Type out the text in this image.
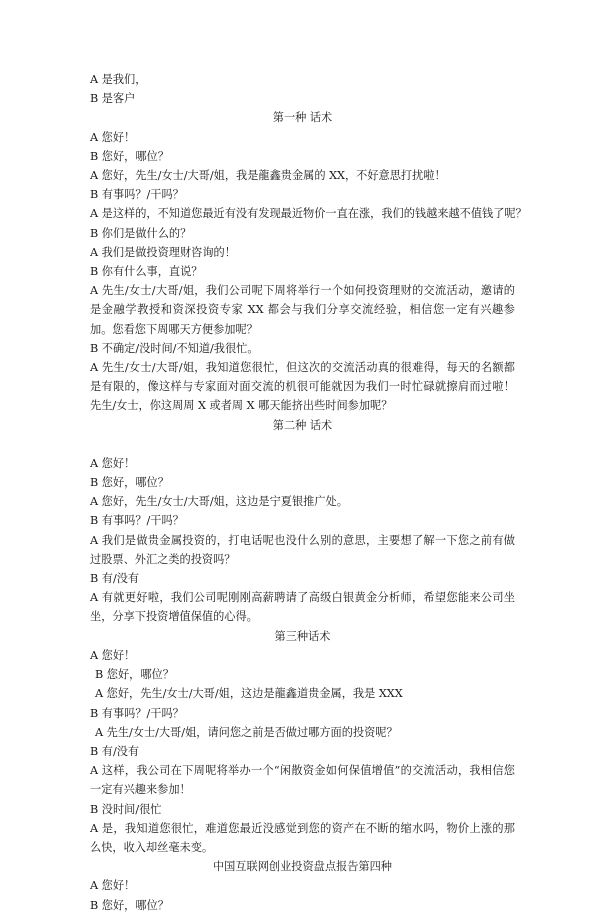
A 是我们，
B 是客户
第一种 话术
A 您好！
B 您好，哪位？
A 您好，先生/女士/大哥/姐，我是龍鑫贵金属的 XX，不好意思打扰啦！
B 有事吗？/干吗？
A 是这样的，不知道您最近有没有发现最近物价一直在涨，我们的钱越来越不值钱了呢？
B 你们是做什么的？
A 我们是做投资理财咨询的！
B 你有什么事，直说？
A 先生/女士/大哥/姐，我们公司呢下周将举行一个如何投资理财的交流活动，邀请的是金融学教授和资深投资专家 XX 都会与我们分享交流经验，相信您一定有兴趣参加。您看您下周哪天方便参加呢？
B 不确定/没时间/不知道/我很忙。
A 先生/女士/大哥/姐，我知道您很忙，但这次的交流活动真的很难得，每天的名额都是有限的，像这样与专家面对面交流的机很可能就因为我们一时忙碌就擦肩而过啦！先生/女士，你这周周 X 或者周 X 哪天能挤出些时间参加呢？
第二种 话术
A 您好！
B 您好，哪位？
A 您好，先生/女士/大哥/姐，这边是宁夏银推广处。
B 有事吗？/干吗？
A 我们是做贵金属投资的，打电话呢也没什么别的意思，主要想了解一下您之前有做过股票、外汇之类的投资吗？
B 有/没有
A 有就更好啦，我们公司呢刚刚高薪聘请了高级白银黄金分析师，希望您能来公司坐坐，分享下投资增值保值的心得。
第三种话术
A 您好！
B 您好，哪位？
A 您好，先生/女士/大哥/姐，这边是龍鑫道贵金属，我是 XXX
B 有事吗？/干吗？
A 先生/女士/大哥/姐，请问您之前是否做过哪方面的投资呢？
B 有/没有
A 这样，我公司在下周呢将举办一个“闲散资金如何保值增值”的交流活动，我相信您一定有兴趣来参加！
B 没时间/很忙
A 是，我知道您很忙，难道您最近没感觉到您的资产在不断的缩水吗，物价上涨的那么快，收入却丝毫未变。
中国互联网创业投资盘点报告第四种
A 您好！
B 您好，哪位？
